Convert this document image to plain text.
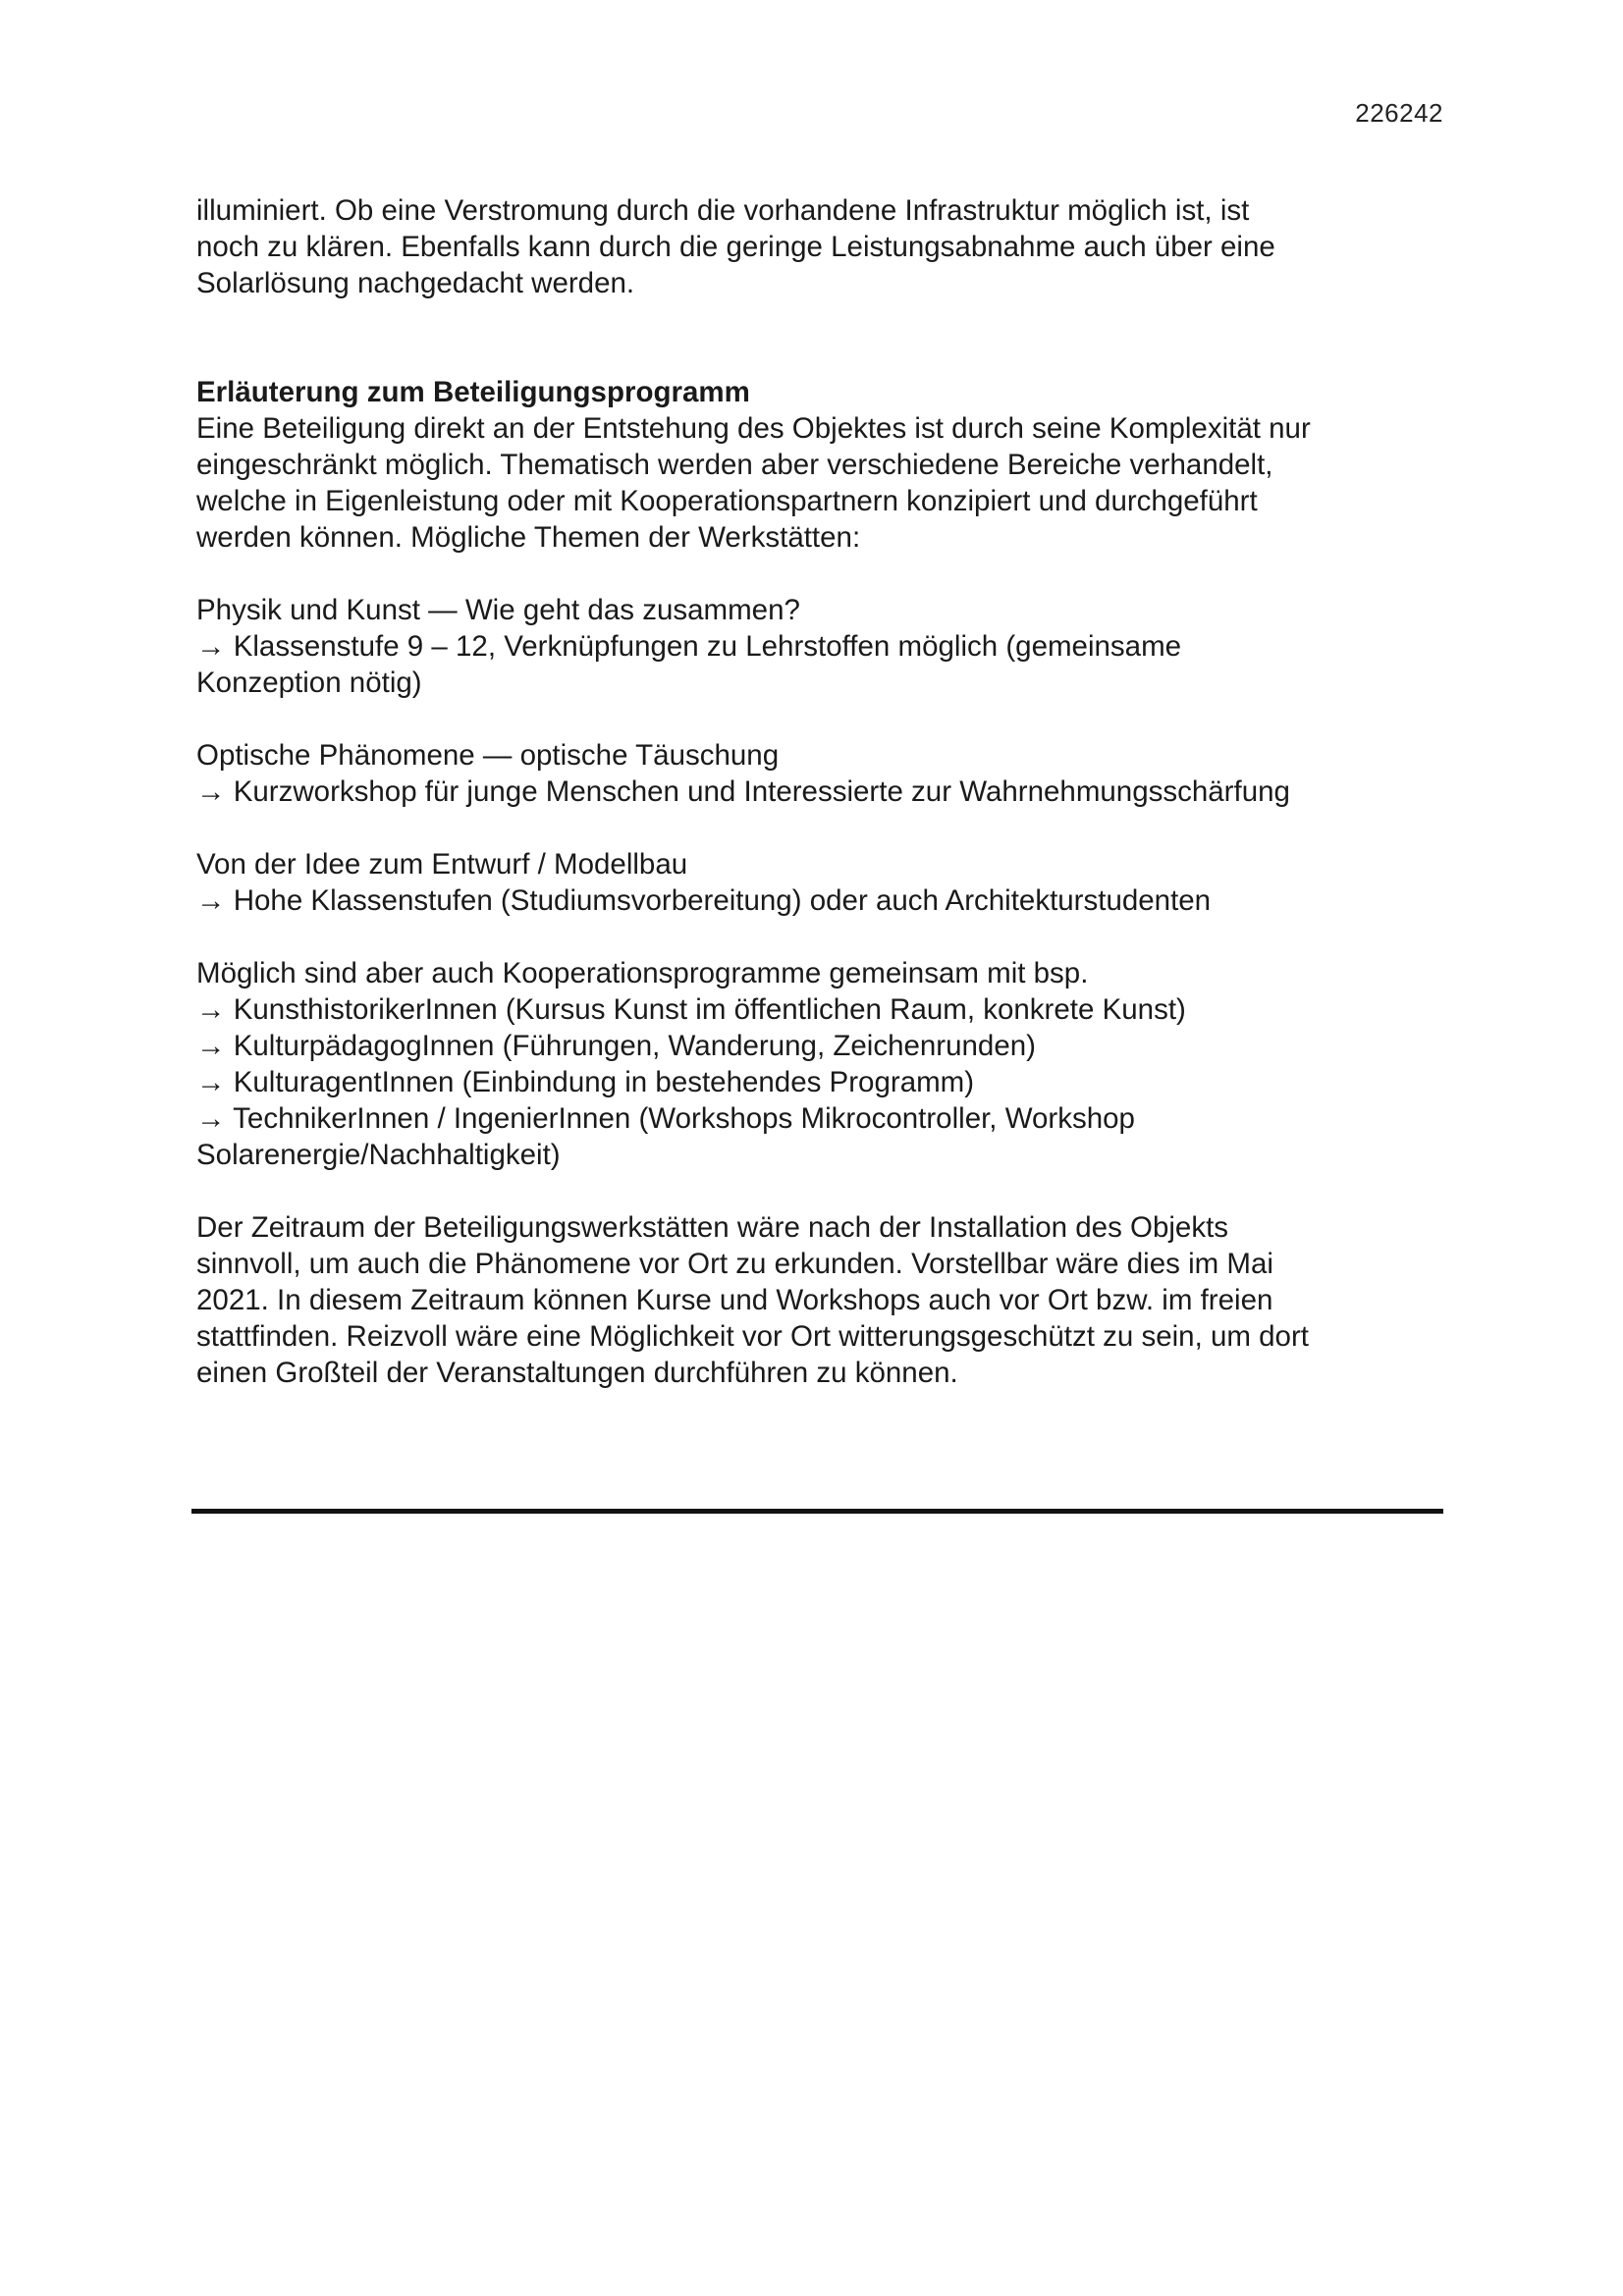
226242

illuminiert. Ob eine Verstromung durch die vorhandene Infrastruktur möglich ist, ist
noch zu klären. Ebenfalls kann durch die geringe Leistungsabnahme auch über eine
Solarlösung nachgedacht werden.

Erläuterung zum Beteiligungsprogramm

Eine Beteiligung direkt an der Entstehung des Objektes ist durch seine Komplexität nur
eingeschränkt möglich. Thematisch werden aber verschiedene Bereiche verhandelt,
welche in Eigenleistung oder mit Kooperationspartnern konzipiert und durchgeführt
werden können. Mögliche Themen der Werkstätten:

Physik und Kunst — Wie geht das zusammen?
→ Klassenstufe 9 – 12, Verknüpfungen zu Lehrstoffen möglich (gemeinsame
Konzeption nötig)

Optische Phänomene — optische Täuschung
→ Kurzworkshop für junge Menschen und Interessierte zur Wahrnehmungsschärfung

Von der Idee zum Entwurf / Modellbau
→ Hohe Klassenstufen (Studiumsvorbereitung) oder auch Architekturstudenten

Möglich sind aber auch Kooperationsprogramme gemeinsam mit bsp.
→ KunsthistorikerInnen (Kursus Kunst im öffentlichen Raum, konkrete Kunst)
→ KulturpädagogInnen (Führungen, Wanderung, Zeichenrunden)
→ KulturagentInnen (Einbindung in bestehendes Programm)
→ TechnikerInnen / IngenierInnen (Workshops Mikrocontroller, Workshop
Solarenergie/Nachhaltigkeit)

Der Zeitraum der Beteiligungswerkstätten wäre nach der Installation des Objekts
sinnvoll, um auch die Phänomene vor Ort zu erkunden. Vorstellbar wäre dies im Mai
2021. In diesem Zeitraum können Kurse und Workshops auch vor Ort bzw. im freien
stattfinden. Reizvoll wäre eine Möglichkeit vor Ort witterungsgeschützt zu sein, um dort
einen Großteil der Veranstaltungen durchführen zu können.
